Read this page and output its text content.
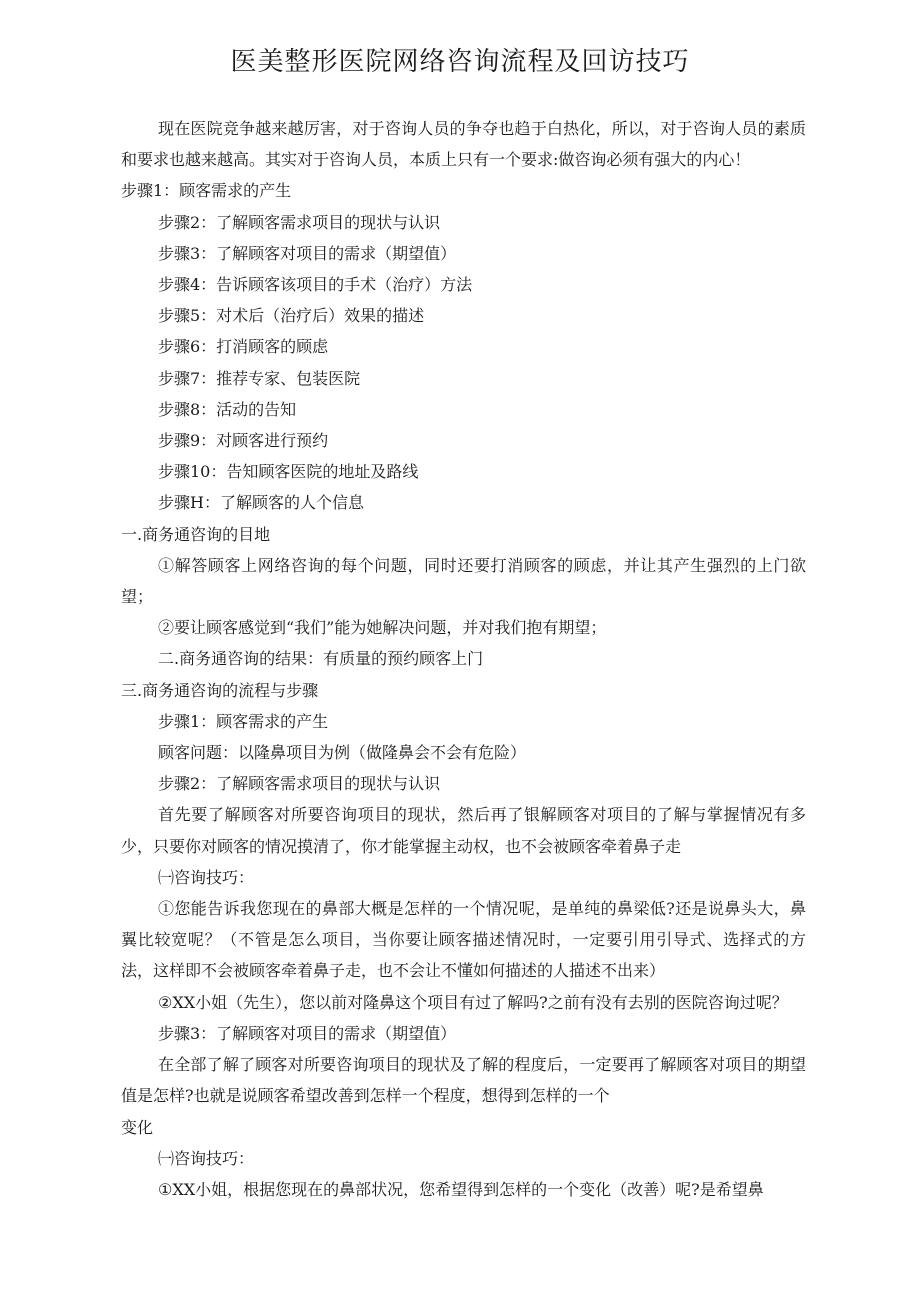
医美整形医院网络咨询流程及回访技巧

现在医院竞争越来越厉害，对于咨询人员的争夺也趋于白热化，所以，对于咨询人员的素质和要求也越来越高。其实对于咨询人员，本质上只有一个要求:做咨询必须有强大的内心！

步骤1：顾客需求的产生

步骤2：了解顾客需求项目的现状与认识

步骤3：了解顾客对项目的需求（期望值）

步骤4：告诉顾客该项目的手术（治疗）方法

步骤5：对术后（治疗后）效果的描述

步骤6：打消顾客的顾虑

步骤7：推荐专家、包装医院

步骤8：活动的告知

步骤9：对顾客进行预约

步骤10：告知顾客医院的地址及路线

步骤H：了解顾客的人个信息

一.商务通咨询的目地

①解答顾客上网络咨询的每个问题，同时还要打消顾客的顾虑，并让其产生强烈的上门欲望；

②要让顾客感觉到“我们”能为她解决问题，并对我们抱有期望；

二.商务通咨询的结果：有质量的预约顾客上门

三.商务通咨询的流程与步骤

步骤1：顾客需求的产生

顾客问题：以隆鼻项目为例（做隆鼻会不会有危险）

步骤2：了解顾客需求项目的现状与认识

首先要了解顾客对所要咨询项目的现状，然后再了银解顾客对项目的了解与掌握情况有多少，只要你对顾客的情况摸清了，你才能掌握主动权，也不会被顾客牵着鼻子走

㈠咨询技巧：

①您能告诉我您现在的鼻部大概是怎样的一个情况呢，是单纯的鼻梁低?还是说鼻头大，鼻翼比较宽呢？（不管是怎么项目，当你要让顾客描述情况时，一定要引用引导式、选择式的方法，这样即不会被顾客牵着鼻子走，也不会让不懂如何描述的人描述不出来）

②XX小姐（先生），您以前对隆鼻这个项目有过了解吗?之前有没有去别的医院咨询过呢？

步骤3：了解顾客对项目的需求（期望值）

在全部了解了顾客对所要咨询项目的现状及了解的程度后，一定要再了解顾客对项目的期望值是怎样?也就是说顾客希望改善到怎样一个程度，想得到怎样的一个

变化

㈠咨询技巧：

①XX小姐，根据您现在的鼻部状况，您希望得到怎样的一个变化（改善）呢?是希望鼻
